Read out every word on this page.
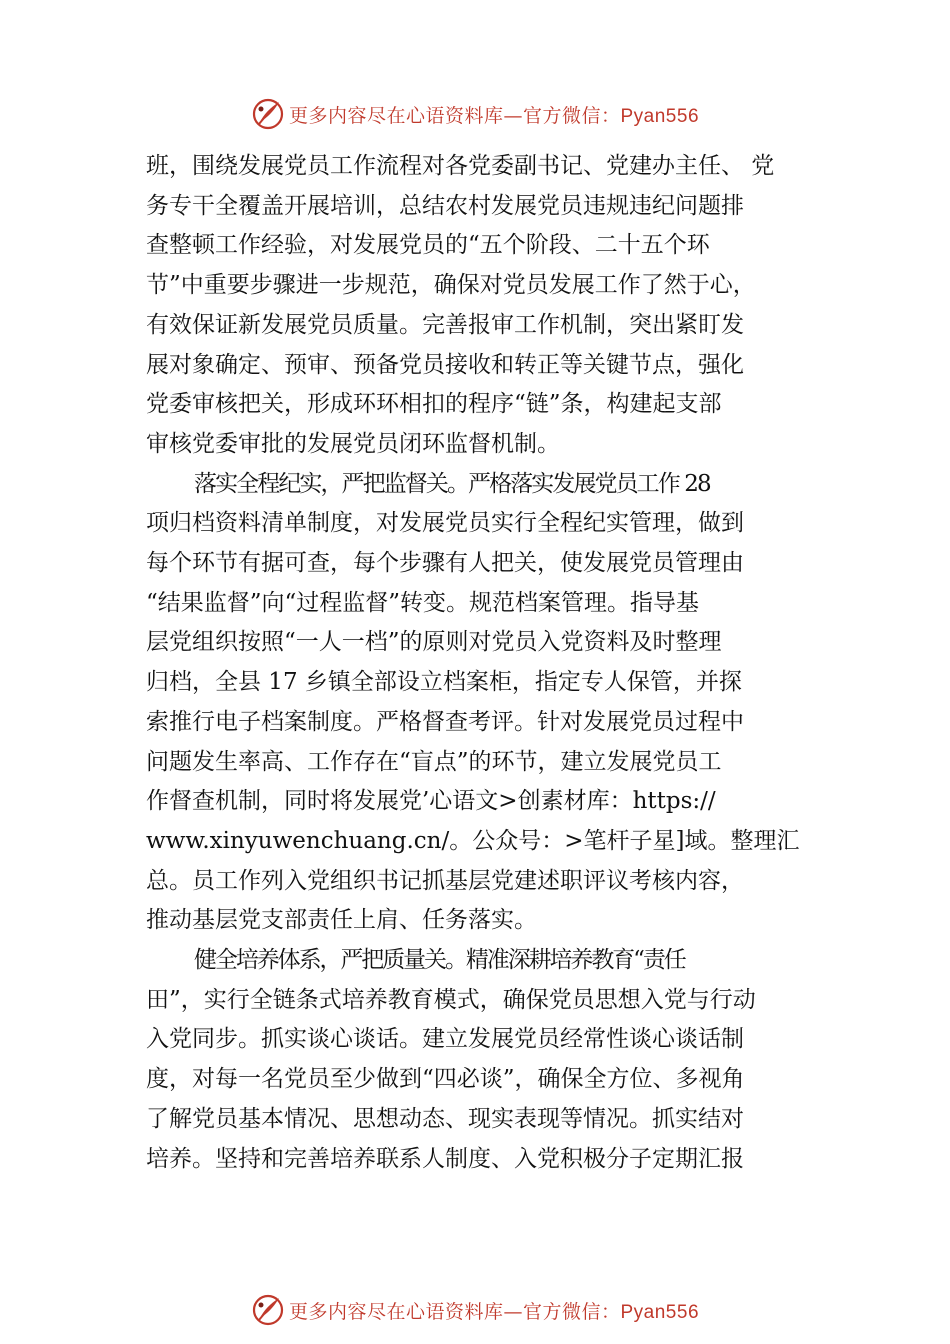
更多内容尽在心语资料库—官方微信：Pyan556

班，围绕发展党员工作流程对各党委副书记、党建办主任、 党
务专干全覆盖开展培训，总结农村发展党员违规违纪问题排
查整顿工作经验，对发展党员的“五个阶段、二十五个环
节”中重要步骤进一步规范，确保对党员发展工作了然于心，
有效保证新发展党员质量。完善报审工作机制，突出紧盯发
展对象确定、预审、预备党员接收和转正等关键节点，强化
党委审核把关，形成环环相扣的程序“链”条，构建起支部
审核党委审批的发展党员闭环监督机制。

落实全程纪实，严把监督关。严格落实发展党员工作 28
项归档资料清单制度，对发展党员实行全程纪实管理，做到
每个环节有据可查，每个步骤有人把关，使发展党员管理由
“结果监督”向“过程监督”转变。规范档案管理。指导基
层党组织按照“一人一档”的原则对党员入党资料及时整理
归档，全县 17 乡镇全部设立档案柜，指定专人保管，并探
索推行电子档案制度。严格督查考评。针对发展党员过程中
问题发生率高、工作存在“盲点”的环节，建立发展党员工
作督查机制，同时将发展党’心语文>创素材库：https://
www.xinyuwenchuang.cn/。公众号：>笔杆子星]域。整理汇
总。员工作列入党组织书记抓基层党建述职评议考核内容，
推动基层党支部责任上肩、任务落实。

健全培养体系，严把质量关。精准深耕培养教育“责任
田”，实行全链条式培养教育模式，确保党员思想入党与行动
入党同步。抓实谈心谈话。建立发展党员经常性谈心谈话制
度，对每一名党员至少做到“四必谈”，确保全方位、多视角
了解党员基本情况、思想动态、现实表现等情况。抓实结对
培养。坚持和完善培养联系人制度、入党积极分子定期汇报

更多内容尽在心语资料库—官方微信：Pyan556
